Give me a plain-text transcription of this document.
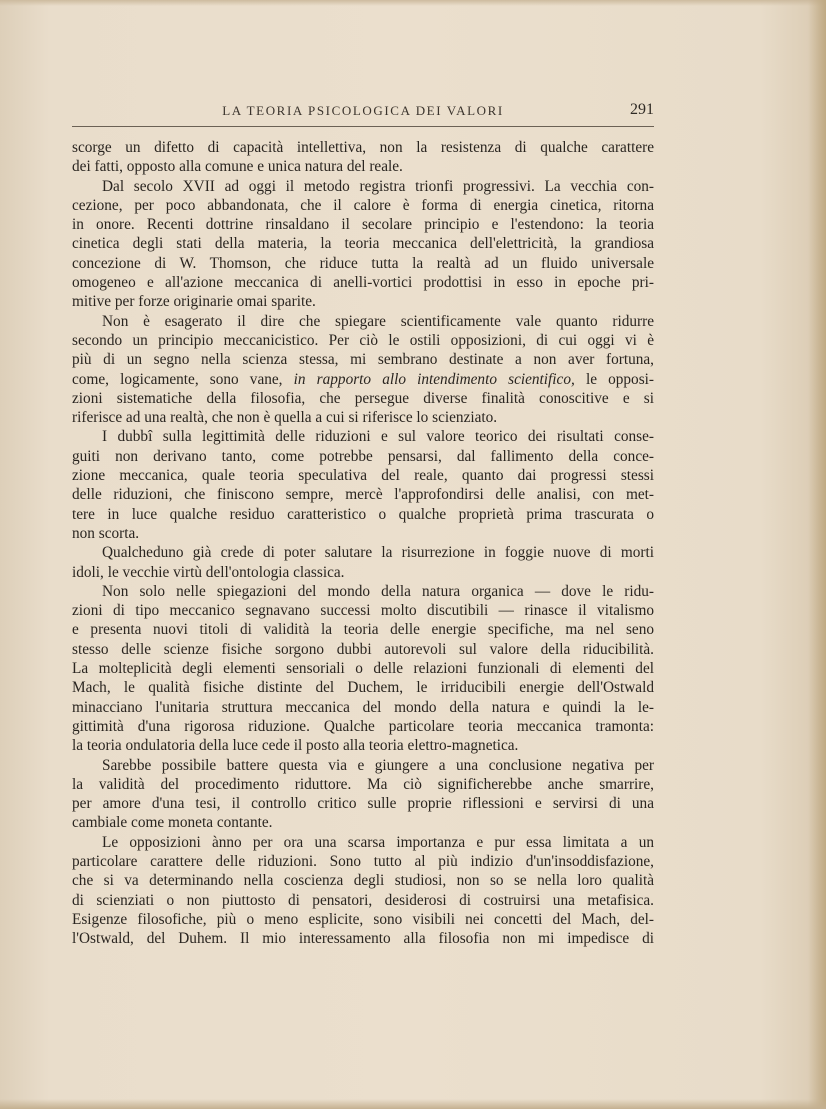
LA TEORIA PSICOLOGICA DEI VALORI	291
scorge un difetto di capacità intellettiva, non la resistenza di qualche carattere
dei fatti, opposto alla comune e unica natura del reale.
Dal secolo XVII ad oggi il metodo registra trionfi progressivi. La vecchia con-
cezione, per poco abbandonata, che il calore è forma di energia cinetica, ritorna
in onore. Recenti dottrine rinsaldano il secolare principio e l'estendono: la teoria
cinetica degli stati della materia, la teoria meccanica dell'elettricità, la grandiosa
concezione di W. Thomson, che riduce tutta la realtà ad un fluido universale
omogeneo e all'azione meccanica di anelli-vortici prodottisi in esso in epoche pri-
mitive per forze originarie omai sparite.
Non è esagerato il dire che spiegare scientificamente vale quanto ridurre
secondo un principio meccanicistico. Per ciò le ostili opposizioni, di cui oggi vi è
più di un segno nella scienza stessa, mi sembrano destinate a non aver fortuna,
come, logicamente, sono vane, in rapporto allo intendimento scientifico, le opposi-
zioni sistematiche della filosofia, che persegue diverse finalità conoscitive e si
riferisce ad una realtà, che non è quella a cui si riferisce lo scienziato.
I dubbî sulla legittimità delle riduzioni e sul valore teorico dei risultati conse-
guiti non derivano tanto, come potrebbe pensarsi, dal fallimento della conce-
zione meccanica, quale teoria speculativa del reale, quanto dai progressi stessi
delle riduzioni, che finiscono sempre, mercè l'approfondirsi delle analisi, con met-
tere in luce qualche residuo caratteristico o qualche proprietà prima trascurata o
non scorta.
Qualcheduno già crede di poter salutare la risurrezione in foggie nuove di morti
idoli, le vecchie virtù dell'ontologia classica.
Non solo nelle spiegazioni del mondo della natura organica — dove le ridu-
zioni di tipo meccanico segnavano successi molto discutibili — rinasce il vitalismo
e presenta nuovi titoli di validità la teoria delle energie specifiche, ma nel seno
stesso delle scienze fisiche sorgono dubbi autorevoli sul valore della riducibilità.
La molteplicità degli elementi sensoriali o delle relazioni funzionali di elementi del
Mach, le qualità fisiche distinte del Duchem, le irriducibili energie dell'Ostwald
minacciano l'unitaria struttura meccanica del mondo della natura e quindi la le-
gittimità d'una rigorosa riduzione. Qualche particolare teoria meccanica tramonta:
la teoria ondulatoria della luce cede il posto alla teoria elettro-magnetica.
Sarebbe possibile battere questa via e giungere a una conclusione negativa per
la validità del procedimento riduttore. Ma ciò significherebbe anche smarrire,
per amore d'una tesi, il controllo critico sulle proprie riflessioni e servirsi di una
cambiale come moneta contante.
Le opposizioni ànno per ora una scarsa importanza e pur essa limitata a un
particolare carattere delle riduzioni. Sono tutto al più indizio d'un'insoddisfazione,
che si va determinando nella coscienza degli studiosi, non so se nella loro qualità
di scienziati o non piuttosto di pensatori, desiderosi di costruirsi una metafisica.
Esigenze filosofiche, più o meno esplicite, sono visibili nei concetti del Mach, del-
l'Ostwald, del Duhem. Il mio interessamento alla filosofia non mi impedisce di
